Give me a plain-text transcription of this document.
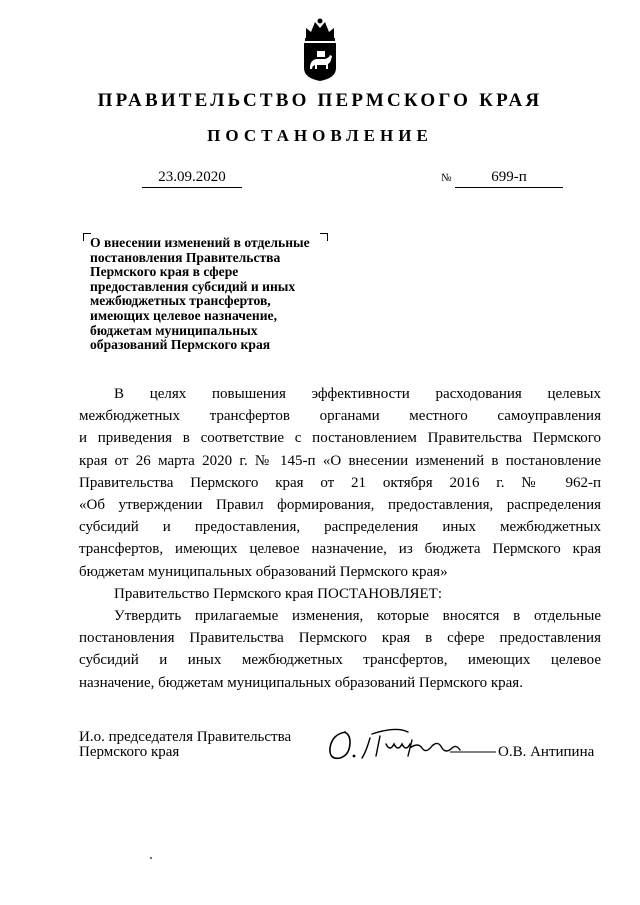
ПРАВИТЕЛЬСТВО ПЕРМСКОГО КРАЯ
ПОСТАНОВЛЕНИЕ
23.09.2020	№	699-п
О внесении изменений в отдельные
постановления Правительства
Пермского края в сфере
предоставления субсидий и иных
межбюджетных трансфертов,
имеющих целевое назначение,
бюджетам муниципальных
образований Пермского края

В целях повышения эффективности расходования целевых

межбюджетных трансфертов органами местного самоуправления

и приведения в соответствие с постановлением Правительства Пермского

края от 26 марта 2020 г. № 145-п «О внесении изменений в постановление

Правительства Пермского края от 21 октября 2016 г. № 962-п

«Об утверждении Правил формирования, предоставления, распределения

субсидий и предоставления, распределения иных межбюджетных

трансфертов, имеющих целевое назначение, из бюджета Пермского края

бюджетам муниципальных образований Пермского края»

Правительство Пермского края ПОСТАНОВЛЯЕТ:

Утвердить прилагаемые изменения, которые вносятся в отдельные

постановления Правительства Пермского края в сфере предоставления

субсидий и иных межбюджетных трансфертов, имеющих целевое

назначение, бюджетам муниципальных образований Пермского края.

И.о. председателя Правительства
Пермского края	О.В. Антипина
